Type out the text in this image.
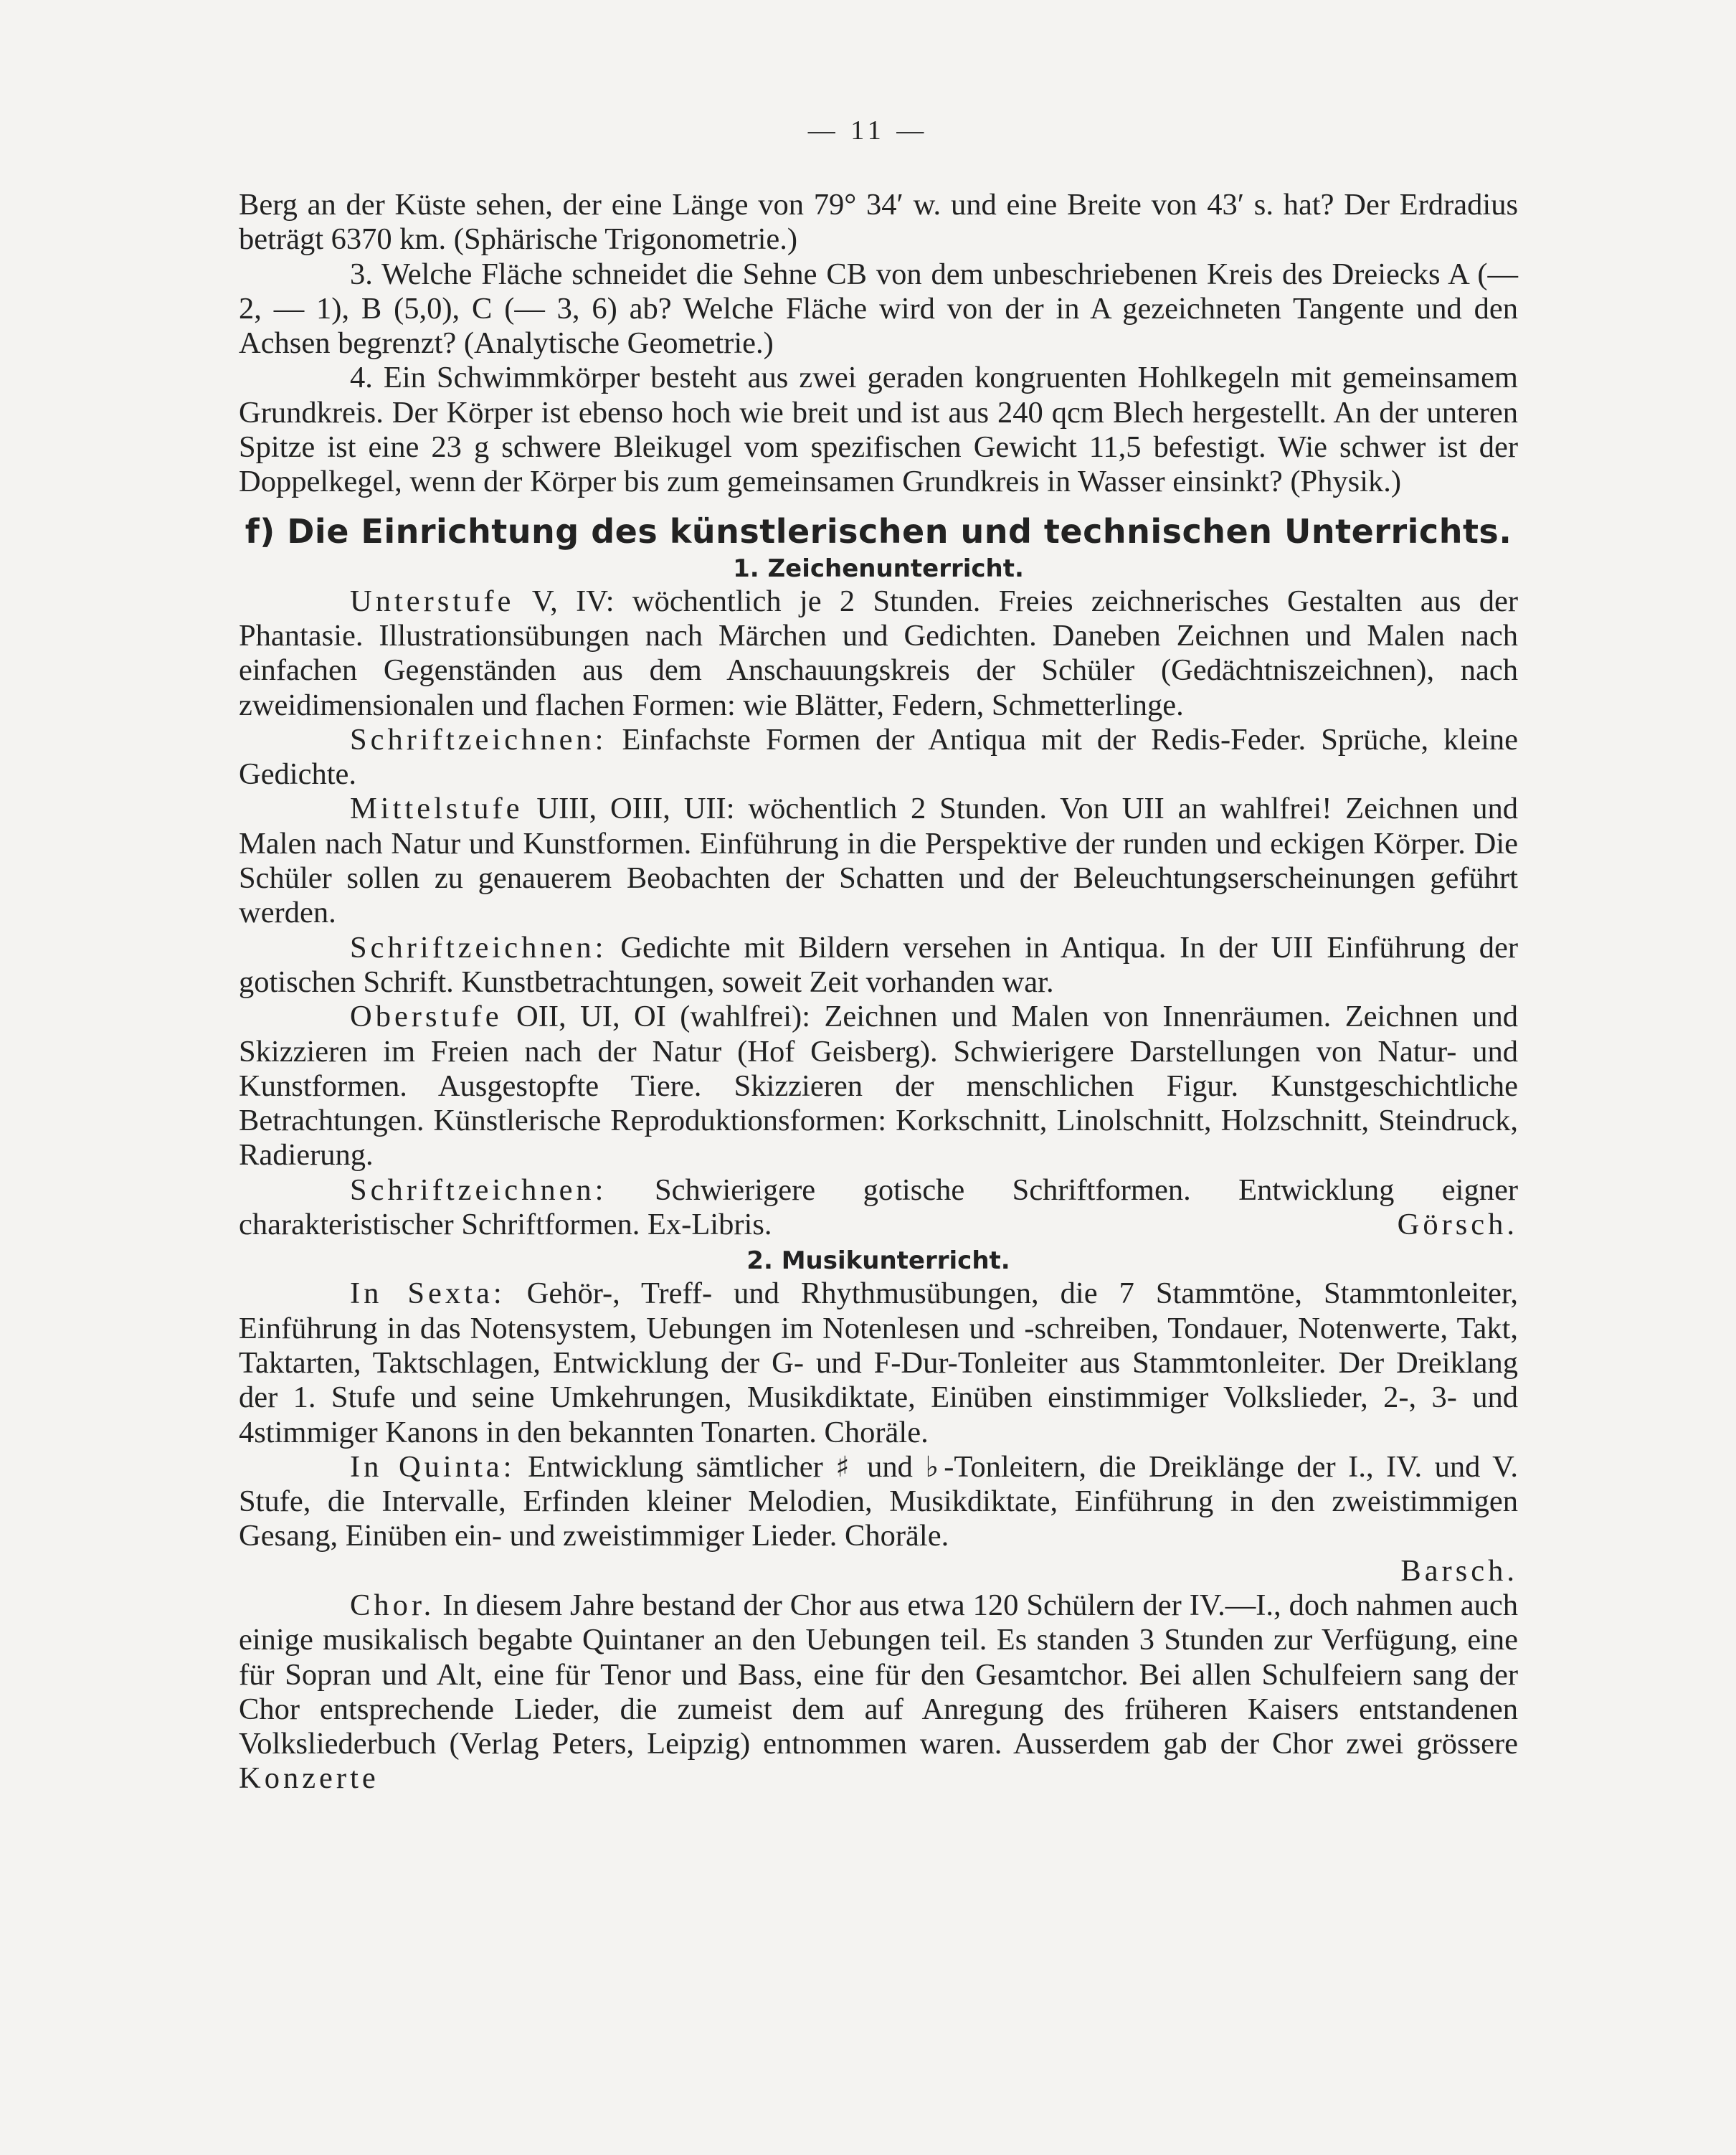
— 11 —

Berg an der Küste sehen, der eine Länge von 79° 34′ w. und eine Breite von 43′ s. hat? Der Erdradius beträgt 6370 km. (Sphärische Trigonometrie.)

3. Welche Fläche schneidet die Sehne CB von dem unbeschriebenen Kreis des Dreiecks A (— 2, — 1), B (5,0), C (— 3, 6) ab? Welche Fläche wird von der in A gezeichneten Tangente und den Achsen begrenzt? (Analytische Geometrie.)

4. Ein Schwimmkörper besteht aus zwei geraden kongruenten Hohlkegeln mit gemeinsamem Grundkreis. Der Körper ist ebenso hoch wie breit und ist aus 240 qcm Blech hergestellt. An der unteren Spitze ist eine 23 g schwere Bleikugel vom spezifischen Gewicht 11,5 befestigt. Wie schwer ist der Doppelkegel, wenn der Körper bis zum gemeinsamen Grundkreis in Wasser einsinkt? (Physik.)

f) Die Einrichtung des künstlerischen und technischen Unterrichts.
1. Zeichenunterricht.

Unterstufe V, IV: wöchentlich je 2 Stunden. Freies zeichnerisches Gestalten aus der Phantasie. Illustrationsübungen nach Märchen und Gedichten. Daneben Zeichnen und Malen nach einfachen Gegenständen aus dem Anschauungskreis der Schüler (Gedächtniszeichnen), nach zweidimensionalen und flachen Formen: wie Blätter, Federn, Schmetterlinge.

Schriftzeichnen: Einfachste Formen der Antiqua mit der Redis-Feder. Sprüche, kleine Gedichte.

Mittelstufe UIII, OIII, UII: wöchentlich 2 Stunden. Von UII an wahlfrei! Zeichnen und Malen nach Natur und Kunstformen. Einführung in die Perspektive der runden und eckigen Körper. Die Schüler sollen zu genauerem Beobachten der Schatten und der Beleuchtungserscheinungen geführt werden.

Schriftzeichnen: Gedichte mit Bildern versehen in Antiqua. In der UII Einführung der gotischen Schrift. Kunstbetrachtungen, soweit Zeit vorhanden war.

Oberstufe OII, UI, OI (wahlfrei): Zeichnen und Malen von Innenräumen. Zeichnen und Skizzieren im Freien nach der Natur (Hof Geisberg). Schwierigere Darstellungen von Natur- und Kunstformen. Ausgestopfte Tiere. Skizzieren der menschlichen Figur. Kunstgeschichtliche Betrachtungen. Künstlerische Reproduktionsformen: Korkschnitt, Linolschnitt, Holzschnitt, Steindruck, Radierung.

Schriftzeichnen: Schwierigere gotische Schriftformen. Entwicklung eigner charakteristischer Schriftformen. Ex-Libris.	Görsch.

2. Musikunterricht.

In Sexta: Gehör-, Treff- und Rhythmusübungen, die 7 Stammtöne, Stammtonleiter, Einführung in das Notensystem, Uebungen im Notenlesen und -schreiben, Tondauer, Notenwerte, Takt, Taktarten, Taktschlagen, Entwicklung der G- und F-Dur-Tonleiter aus Stammtonleiter. Der Dreiklang der 1. Stufe und seine Umkehrungen, Musikdiktate, Einüben einstimmiger Volkslieder, 2-, 3- und 4stimmiger Kanons in den bekannten Tonarten. Choräle.

In Quinta: Entwicklung sämtlicher ♯ und ♭-Tonleitern, die Dreiklänge der I., IV. und V. Stufe, die Intervalle, Erfinden kleiner Melodien, Musikdiktate, Einführung in den zweistimmigen Gesang, Einüben ein- und zweistimmiger Lieder. Choräle.

Barsch.

Chor. In diesem Jahre bestand der Chor aus etwa 120 Schülern der IV.—I., doch nahmen auch einige musikalisch begabte Quintaner an den Uebungen teil. Es standen 3 Stunden zur Verfügung, eine für Sopran und Alt, eine für Tenor und Bass, eine für den Gesamtchor. Bei allen Schulfeiern sang der Chor entsprechende Lieder, die zumeist dem auf Anregung des früheren Kaisers entstandenen Volksliederbuch (Verlag Peters, Leipzig) entnommen waren. Ausserdem gab der Chor zwei grössere Konzerte
